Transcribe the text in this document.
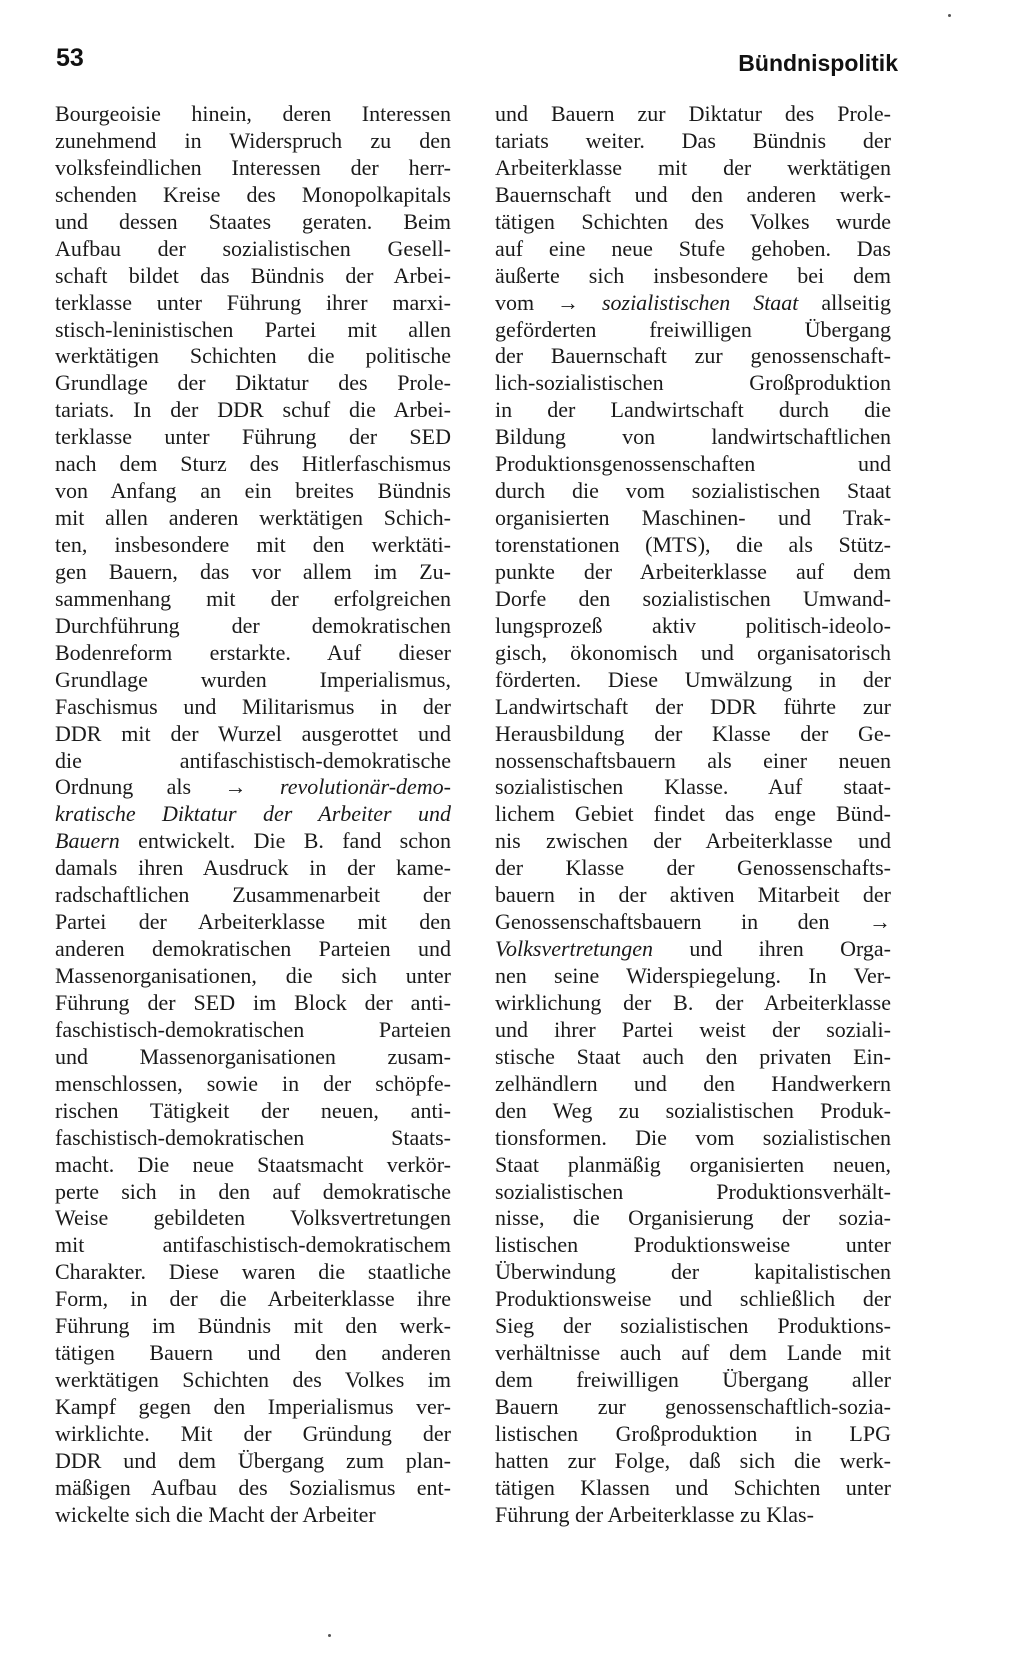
53	Bündnispolitik
Bourgeoisie hinein, deren Interessen
zunehmend in Widerspruch zu den
volksfeindlichen Interessen der herr-
schenden Kreise des Monopolkapitals
und dessen Staates geraten. Beim
Aufbau der sozialistischen Gesell-
schaft bildet das Bündnis der Arbei-
terklasse unter Führung ihrer marxi-
stisch-leninistischen Partei mit allen
werktätigen Schichten die politische
Grundlage der Diktatur des Prole-
tariats. In der DDR schuf die Arbei-
terklasse unter Führung der SED
nach dem Sturz des Hitlerfaschismus
von Anfang an ein breites Bündnis
mit allen anderen werktätigen Schich-
ten, insbesondere mit den werktäti-
gen Bauern, das vor allem im Zu-
sammenhang mit der erfolgreichen
Durchführung der demokratischen
Bodenreform erstarkte. Auf dieser
Grundlage wurden Imperialismus,
Faschismus und Militarismus in der
DDR mit der Wurzel ausgerottet und
die antifaschistisch-demokratische
Ordnung als → revolutionär-demo-
kratische Diktatur der Arbeiter und
Bauern entwickelt. Die B. fand schon
damals ihren Ausdruck in der kame-
radschaftlichen Zusammenarbeit der
Partei der Arbeiterklasse mit den
anderen demokratischen Parteien und
Massenorganisationen, die sich unter
Führung der SED im Block der anti-
faschistisch-demokratischen Parteien
und Massenorganisationen zusam-
menschlossen, sowie in der schöpfe-
rischen Tätigkeit der neuen, anti-
faschistisch-demokratischen Staats-
macht. Die neue Staatsmacht verkör-
perte sich in den auf demokratische
Weise gebildeten Volksvertretungen
mit antifaschistisch-demokratischem
Charakter. Diese waren die staatliche
Form, in der die Arbeiterklasse ihre
Führung im Bündnis mit den werk-
tätigen Bauern und den anderen
werktätigen Schichten des Volkes im
Kampf gegen den Imperialismus ver-
wirklichte. Mit der Gründung der
DDR und dem Übergang zum plan-
mäßigen Aufbau des Sozialismus ent-
wickelte sich die Macht der Arbeiter
und Bauern zur Diktatur des Prole-
tariats weiter. Das Bündnis der
Arbeiterklasse mit der werktätigen
Bauernschaft und den anderen werk-
tätigen Schichten des Volkes wurde
auf eine neue Stufe gehoben. Das
äußerte sich insbesondere bei dem
vom → sozialistischen Staat allseitig
geförderten freiwilligen Übergang
der Bauernschaft zur genossenschaft-
lich-sozialistischen Großproduktion
in der Landwirtschaft durch die
Bildung von landwirtschaftlichen
Produktionsgenossenschaften und
durch die vom sozialistischen Staat
organisierten Maschinen- und Trak-
torenstationen (MTS), die als Stütz-
punkte der Arbeiterklasse auf dem
Dorfe den sozialistischen Umwand-
lungsprozeß aktiv politisch-ideolo-
gisch, ökonomisch und organisatorisch
förderten. Diese Umwälzung in der
Landwirtschaft der DDR führte zur
Herausbildung der Klasse der Ge-
nossenschaftsbauern als einer neuen
sozialistischen Klasse. Auf staat-
lichem Gebiet findet das enge Bünd-
nis zwischen der Arbeiterklasse und
der Klasse der Genossenschafts-
bauern in der aktiven Mitarbeit der
Genossenschaftsbauern in den →
Volksvertretungen und ihren Orga-
nen seine Widerspiegelung. In Ver-
wirklichung der B. der Arbeiterklasse
und ihrer Partei weist der soziali-
stische Staat auch den privaten Ein-
zelhändlern und den Handwerkern
den Weg zu sozialistischen Produk-
tionsformen. Die vom sozialistischen
Staat planmäßig organisierten neuen,
sozialistischen Produktionsverhält-
nisse, die Organisierung der sozia-
listischen Produktionsweise unter
Überwindung der kapitalistischen
Produktionsweise und schließlich der
Sieg der sozialistischen Produktions-
verhältnisse auch auf dem Lande mit
dem freiwilligen Übergang aller
Bauern zur genossenschaftlich-sozia-
listischen Großproduktion in LPG
hatten zur Folge, daß sich die werk-
tätigen Klassen und Schichten unter
Führung der Arbeiterklasse zu Klas-
